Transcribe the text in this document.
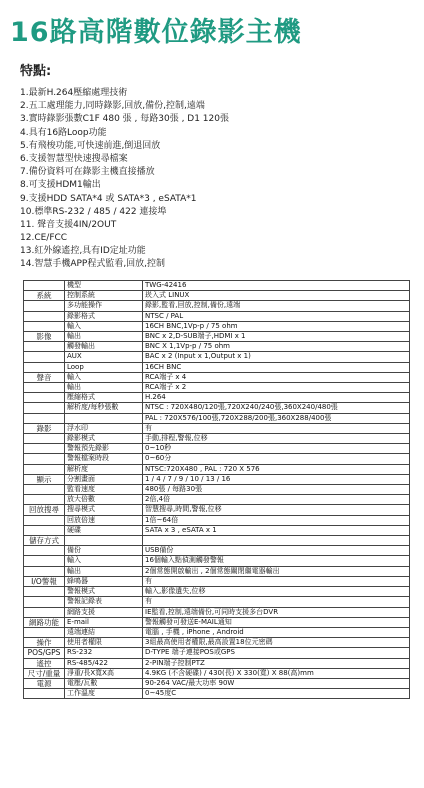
16路高階數位錄影主機
特點:
1.最新H.264壓縮處理技術
2.五工處理能力,同時錄影,回放,備份,控制,遠端
3.實時錄影張數C1F 480 張 , 每路30張 , D1 120張
4.具有16路Loop功能
5.有飛梭功能,可快速前進,倒退回放
6.支援智慧型快速搜尋檔案
7.備份資料可在錄影主機直接播放
8.可支援HDM1輸出
9.支援HDD SATA*4 或 SATA*3 , eSATA*1
10.標準RS-232 / 485 / 422 連接埠
11. 聲音支援4IN/2OUT
12.CE/FCC
13.紅外線遙控,具有ID定址功能
14.智慧手機APP程式監看,回放,控制
	機型	TWG-42416
系統	控制系統	崁入式 LINUX
	多功能操作	錄影,監看,回放,控制,備份,遠端
	錄影格式	NTSC / PAL
	輸入	16CH BNC,1Vp-p / 75 ohm
影像	輸出	BNC x 2,D-SUB端子,HDMI x 1
	觸發輸出	BNC X 1,1Vp-p / 75 ohm
	AUX	BAC x 2 (Input x 1,Output x 1)
	Loop	16CH BNC
聲音	輸入	RCA端子 x 4
	輸出	RCA端子 x 2
	壓縮格式	H.264
	解析度/每秒張數	NTSC : 720X480/120張,720X240/240張,360X240/480張
		PAL : 720X576/100張,720X288/200張,360X288/400張
錄影	浮水印	有
	錄影模式	手動,排程,警報,位移
	警報預先錄影	0~10秒
	警報檔案時段	0~60分
	解析度	NTSC:720X480 , PAL : 720 X 576
顯示	分割畫面	1 / 4 / 7 / 9 / 10 / 13 / 16
	監看速度	480張 / 每路30張
	放大倍數	2倍,4倍
回放搜尋	搜尋模式	智慧搜尋,時間,警報,位移
	回放倍速	1倍~64倍
	硬碟	SATA x 3 , eSATA x 1
儲存方式		
	備份	USB備份
	輸入	16個輸入點偵測觸發警報
	輸出	2個常態開啟輸出 , 2個常態關閉繼電器輸出
I/O警報	蜂鳴器	有
	警報模式	輸入,影像遺失,位移
	警報記錄表	有
	網路支援	IE監看,控制,遠端備份,可同時支援多台DVR
網路功能	E-mail	警報觸發可發送E-MAIL通知
	遠端連結	電腦 , 手機 , iPhone , Android
操作	使用者權限	3組最高使用者權限,最高設置18位元密碼
POS/GPS	RS-232	D-TYPE 端子連接POS或GPS
遙控	RS-485/422	2-PIN端子控制PTZ
尺寸/重量	淨重/長X寬X高	4.9KG (不含硬碟) / 430(長) X 330(寬) X 88(高)mm
電源	電壓/瓦數	90-264 VAC/最大功率 90W
	工作溫度	0~45度C
